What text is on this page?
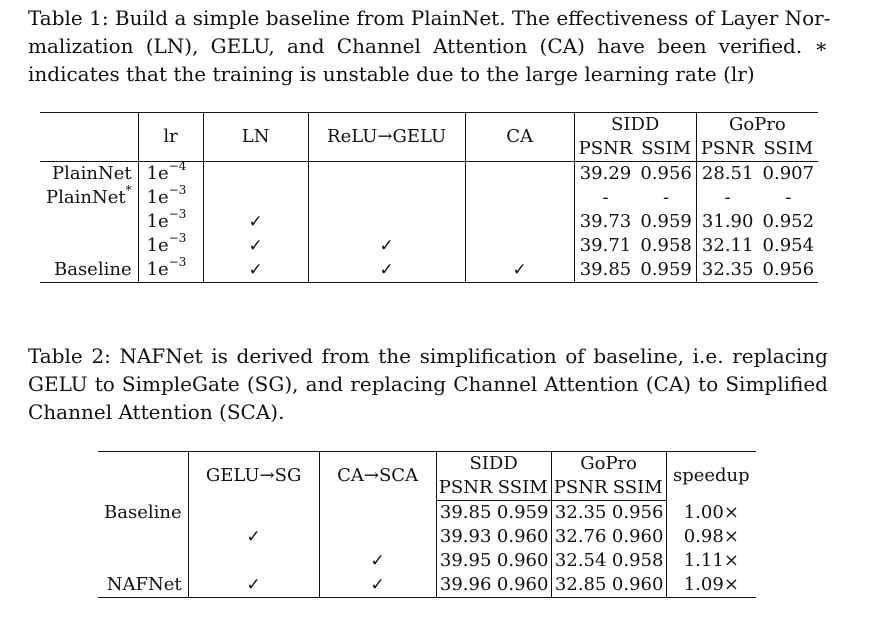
Table 1: Build a simple baseline from PlainNet. The effectiveness of Layer Nor-
malization (LN), GELU, and Channel Attention (CA) have been verified. ∗
indicates that the training is unstable due to the large learning rate (lr)

	lr	LN	ReLU→GELU	CA	SIDD		GoPro	
					PSNR	SSIM	PSNR	SSIM
PlainNet	$1e^{-4}$				39.29	0.956	28.51	0.907
PlainNet*	$1e^{-3}$				-	-	-	-
	$1e^{-3}$	✓			39.73	0.959	31.90	0.952
	$1e^{-3}$	✓	✓		39.71	0.958	32.11	0.954
Baseline	$1e^{-3}$	✓	✓	✓	39.85	0.959	32.35	0.956

Table 2: NAFNet is derived from the simplification of baseline, i.e. replacing
GELU to SimpleGate (SG), and replacing Channel Attention (CA) to Simplified
Channel Attention (SCA).

	GELU→SG	CA→SCA	SIDD		GoPro		speedup
			PSNR	SSIM	PSNR	SSIM	
Baseline			39.85	0.959	32.35	0.956	1.00×
	✓		39.93	0.960	32.76	0.960	0.98×
		✓	39.95	0.960	32.54	0.958	1.11×
NAFNet	✓	✓	39.96	0.960	32.85	0.960	1.09×
